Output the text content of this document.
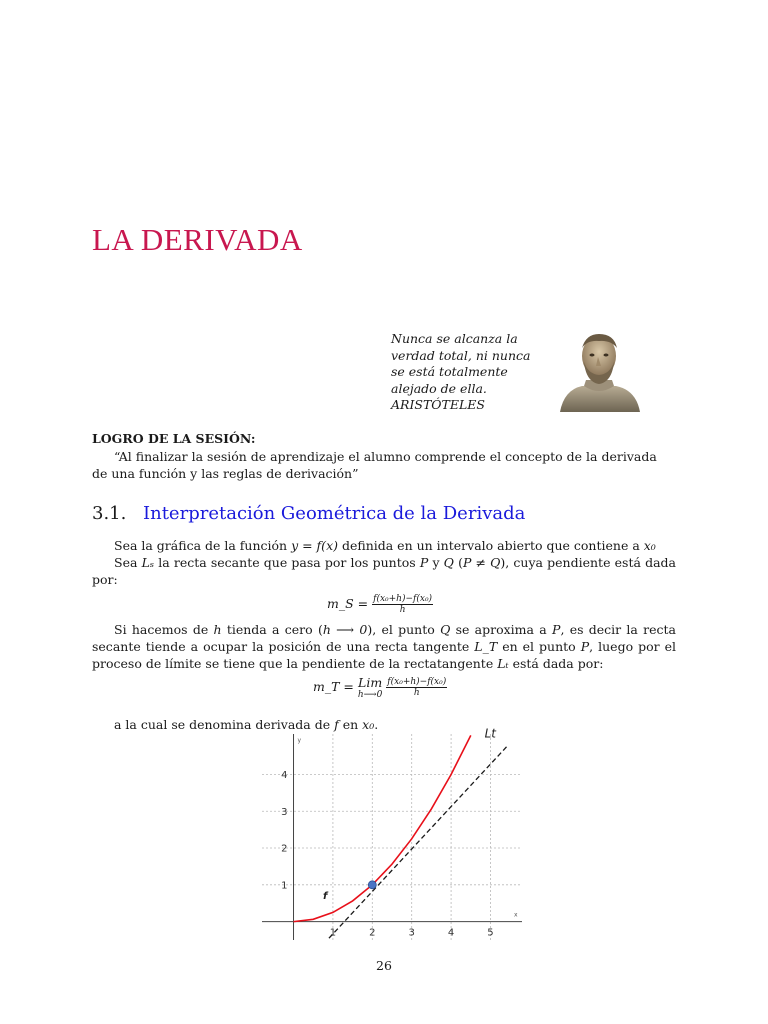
LA DERIVADA
Nunca se alcanza la
verdad total, ni nunca
se está totalmente
alejado de ella.
ARISTÓTELES
LOGRO DE LA SESIÓN:

“Al finalizar la sesión de aprendizaje el alumno comprende el concepto de la derivada de una función y las reglas de derivación”

3.1. Interpretación Geométrica de la Derivada

Sea la gráfica de la función y = f(x) definida en un intervalo abierto que contiene a x₀

Sea Lₛ la recta secante que pasa por los puntos P y Q (P ≠ Q), cuya pendiente está dada por:

m_S = $\frac{\text{f(x₀+h)−f(x₀)}}{h}$

Si hacemos de h tienda a cero (h ⟶ 0), el punto Q se aproxima a P, es decir la recta secante tiende a ocupar la posición de una recta tangente L_T en el punto P, luego por el proceso de límite se tiene que la pendiente de la rectatangente Lₜ está dada por:

m_T = Lim
h⟶0
$\frac{\text{f(x₀+h)−f(x₀)}}{h}$

a la cual se denomina derivada de f en x₀.

x
y
1	2	3	4	5
1
2
3
4
f
Lt
26
